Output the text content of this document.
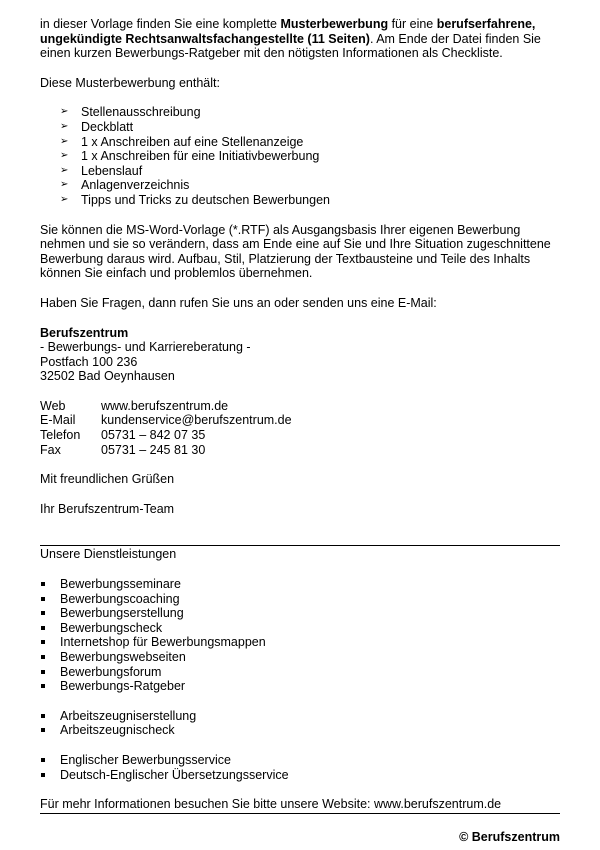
in dieser Vorlage finden Sie eine komplette Musterbewerbung für eine berufserfahrene, ungekündigte Rechtsanwaltsfachangestellte (11 Seiten). Am Ende der Datei finden Sie einen kurzen Bewerbungs-Ratgeber mit den nötigsten Informationen als Checkliste.

Diese Musterbewerbung enthält:

➢ Stellenausschreibung
➢ Deckblatt
➢ 1 x Anschreiben auf eine Stellenanzeige
➢ 1 x Anschreiben für eine Initiativbewerbung
➢ Lebenslauf
➢ Anlagenverzeichnis
➢ Tipps und Tricks zu deutschen Bewerbungen

Sie können die MS-Word-Vorlage (*.RTF) als Ausgangsbasis Ihrer eigenen Bewerbung nehmen und sie so verändern, dass am Ende eine auf Sie und Ihre Situation zugeschnittene Bewerbung daraus wird. Aufbau, Stil, Platzierung der Textbausteine und Teile des Inhalts können Sie einfach und problemlos übernehmen.

Haben Sie Fragen, dann rufen Sie uns an oder senden uns eine E-Mail:

Berufszentrum

- Bewerbungs- und Karriereberatung -

Postfach 100 236

32502 Bad Oeynhausen

Web	www.berufszentrum.de
E-Mail	kundenservice@berufszentrum.de
Telefon	05731 – 842 07 35
Fax	05731 – 245 81 30

Mit freundlichen Grüßen

Ihr Berufszentrum-Team

Unsere Dienstleistungen

Bewerbungsseminare
Bewerbungscoaching
Bewerbungserstellung
Bewerbungscheck
Internetshop für Bewerbungsmappen
Bewerbungswebseiten
Bewerbungsforum
Bewerbungs-Ratgeber
Arbeitszeugniserstellung
Arbeitszeugnischeck
Englischer Bewerbungsservice
Deutsch-Englischer Übersetzungsservice

Für mehr Informationen besuchen Sie bitte unsere Website: www.berufszentrum.de

© Berufszentrum
